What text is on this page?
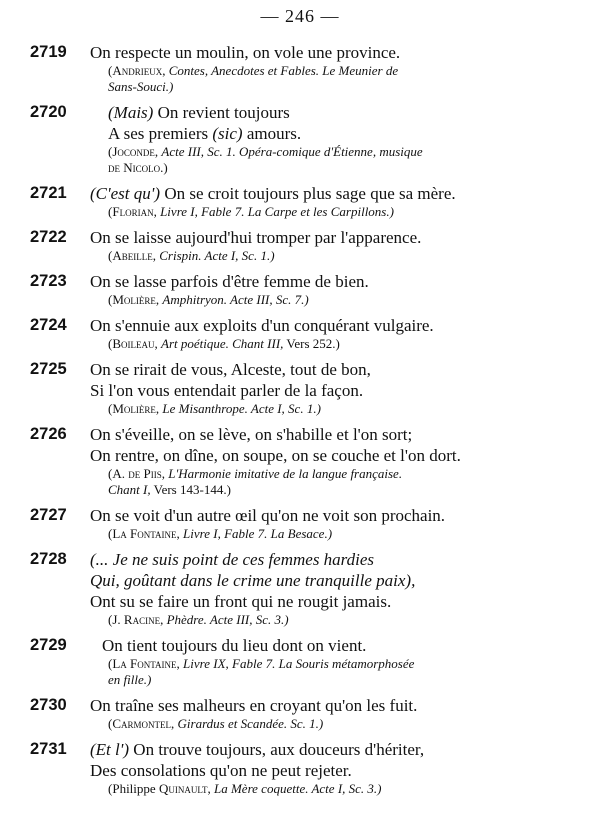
— 246 —
2719 On respecte un moulin, on vole une province.
(Andrieux, Contes, Anecdotes et Fables. Le Meunier de
Sans-Souci.)
2720	(Mais) On revient toujours
A ses premiers (sic) amours.
(Joconde, Acte III, Sc. 1. Opéra-comique d'Étienne, musique
de Nicolo.)
2721 (C'est qu') On se croit toujours plus sage que sa mère.
(Florian, Livre I, Fable 7. La Carpe et les Carpillons.)
2722 On se laisse aujourd'hui tromper par l'apparence.
(Abeille, Crispin. Acte I, Sc. 1.)
2723 On se lasse parfois d'être femme de bien.
(Molière, Amphitryon. Acte III, Sc. 7.)
2724 On s'ennuie aux exploits d'un conquérant vulgaire.
(Boileau, Art poétique. Chant III, Vers 252.)
2725 On se rirait de vous, Alceste, tout de bon,
Si l'on vous entendait parler de la façon.
(Molière, Le Misanthrope. Acte I, Sc. 1.)
2726 On s'éveille, on se lève, on s'habille et l'on sort;
On rentre, on dîne, on soupe, on se couche et l'on dort.
(A. de Piis, L'Harmonie imitative de la langue française.
Chant I, Vers 143-144.)
2727 On se voit d'un autre œil qu'on ne voit son prochain.
(La Fontaine, Livre I, Fable 7. La Besace.)
2728 (... Je ne suis point de ces femmes hardies
Qui, goûtant dans le crime une tranquille paix),
Ont su se faire un front qui ne rougit jamais.
(J. Racine, Phèdre. Acte III, Sc. 3.)
2729	On tient toujours du lieu dont on vient.
(La Fontaine, Livre IX, Fable 7. La Souris métamorphosée
en fille.)
2730 On traîne ses malheurs en croyant qu'on les fuit.
(Carmontel, Girardus et Scandée. Sc. 1.)
2731 (Et l') On trouve toujours, aux douceurs d'hériter,
Des consolations qu'on ne peut rejeter.
(Philippe Quinault, La Mère coquette. Acte I, Sc. 3.)
